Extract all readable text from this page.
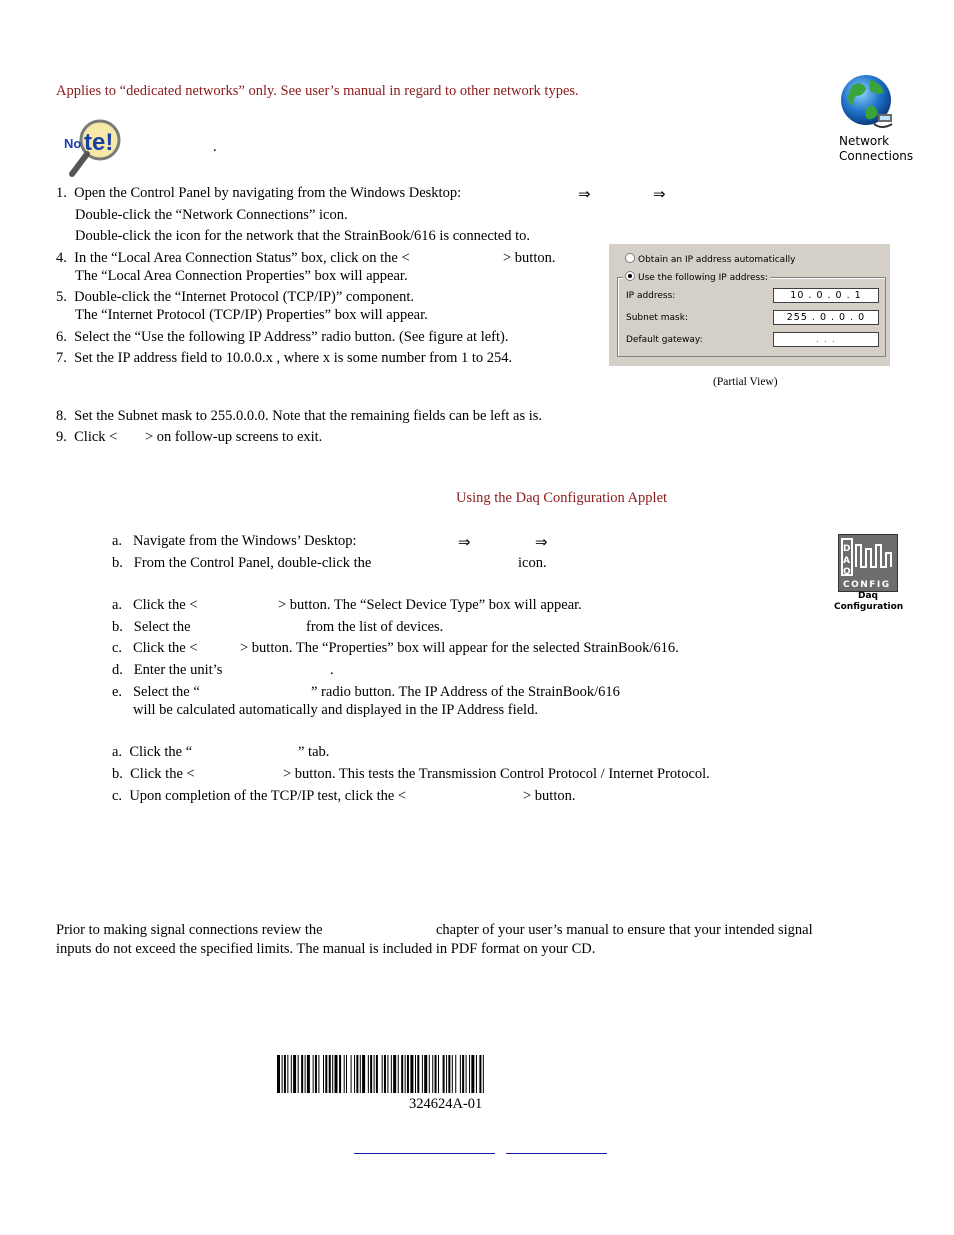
Applies to “dedicated networks” only. See user’s manual in regard to other network types.
Network
Connections
No te!	.
1. Open the Control Panel by navigating from the Windows Desktop:	⇒	⇒
Double-click the “Network Connections” icon.
Double-click the icon for the network that the StrainBook/616 is connected to.
4. In the “Local Area Connection Status” box, click on the <	> button.
The “Local Area Connection Properties” box will appear.
5. Double-click the “Internet Protocol (TCP/IP)” component.
The “Internet Protocol (TCP/IP) Properties” box will appear.
6. Select the “Use the following IP Address” radio button. (See figure at left).
7. Set the IP address field to 10.0.0.x , where x is some number from 1 to 254.
Obtain an IP address automatically
Use the following IP address:
IP address:	10 . 0 . 0 . 1
Subnet mask:	255 . 0 . 0 . 0
Default gateway:	. . .
(Partial View)
8. Set the Subnet mask to 255.0.0.0. Note that the remaining fields can be left as is.
9. Click < > on follow-up screens to exit.
Using the Daq Configuration Applet
a. Navigate from the Windows’ Desktop:	⇒	⇒
b. From the Control Panel, double-click the	icon.
D
A
Q
CONFIG
Daq
Configuration
a. Click the <	> button. The “Select Device Type” box will appear.
b. Select the	from the list of devices.
c. Click the <	> button. The “Properties” box will appear for the selected StrainBook/616.
d. Enter the unit’s	.
e. Select the “	” radio button. The IP Address of the StrainBook/616
will be calculated automatically and displayed in the IP Address field.
a. Click the “	” tab.
b. Click the <	> button. This tests the Transmission Control Protocol / Internet Protocol.
c. Upon completion of the TCP/IP test, click the <	> button.
Prior to making signal connections review the	chapter of your user’s manual to ensure that your intended signal
inputs do not exceed the specified limits. The manual is included in PDF format on your CD.
324624A-01
